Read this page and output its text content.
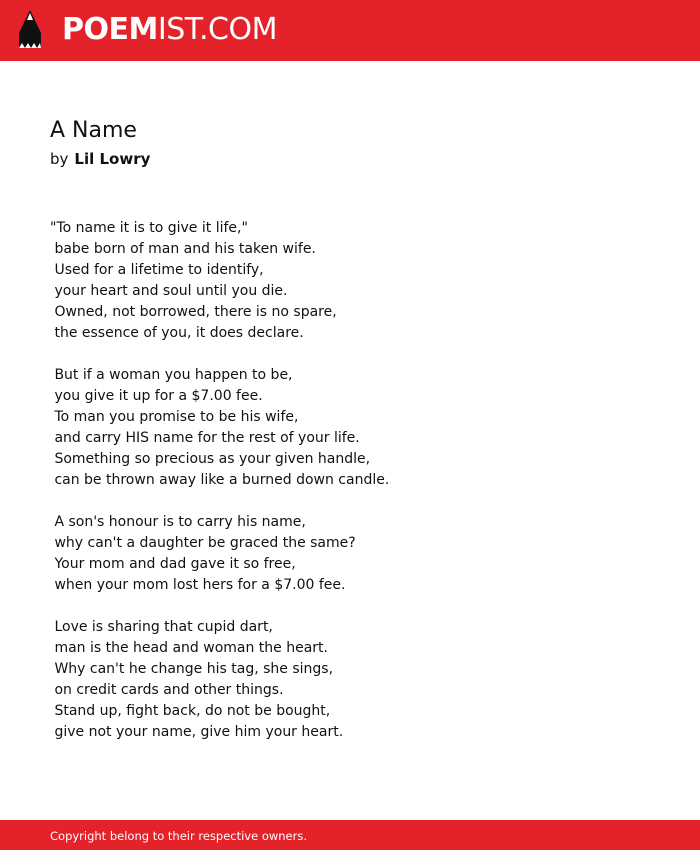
POEMIST.COM
A Name
by Lil Lowry
"To name it is to give it life,"
babe born of man and his taken wife.
Used for a lifetime to identify,
your heart and soul until you die.
Owned, not borrowed, there is no spare,
the essence of you, it does declare.
But if a woman you happen to be,
you give it up for a $7.00 fee.
To man you promise to be his wife,
and carry HIS name for the rest of your life.
Something so precious as your given handle,
can be thrown away like a burned down candle.
A son's honour is to carry his name,
why can't a daughter be graced the same?
Your mom and dad gave it so free,
when your mom lost hers for a $7.00 fee.
Love is sharing that cupid dart,
man is the head and woman the heart.
Why can't he change his tag, she sings,
on credit cards and other things.
Stand up, fight back, do not be bought,
give not your name, give him your heart.
Copyright belong to their respective owners.
